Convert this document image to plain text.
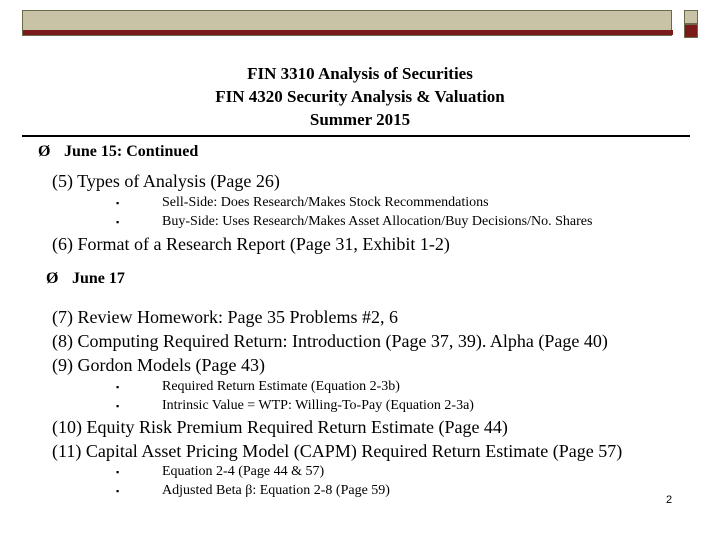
FIN 3310 Analysis of Securities
FIN 4320 Security Analysis & Valuation
Summer 2015
Ø June 15: Continued
(5) Types of Analysis (Page 26)
▪	Sell-Side: Does Research/Makes Stock Recommendations
▪	Buy-Side: Uses Research/Makes Asset Allocation/Buy Decisions/No. Shares
(6) Format of a Research Report (Page 31, Exhibit 1-2)
Ø June 17
(7) Review Homework: Page 35 Problems #2, 6
(8) Computing Required Return: Introduction (Page 37, 39). Alpha (Page 40)
(9) Gordon Models (Page 43)
▪	Required Return Estimate (Equation 2-3b)
▪	Intrinsic Value = WTP: Willing-To-Pay (Equation 2-3a)
(10) Equity Risk Premium Required Return Estimate (Page 44)
(11) Capital Asset Pricing Model (CAPM) Required Return Estimate (Page 57)
▪	Equation 2-4 (Page 44 & 57)
▪	Adjusted Beta β: Equation 2-8 (Page 59)
2
